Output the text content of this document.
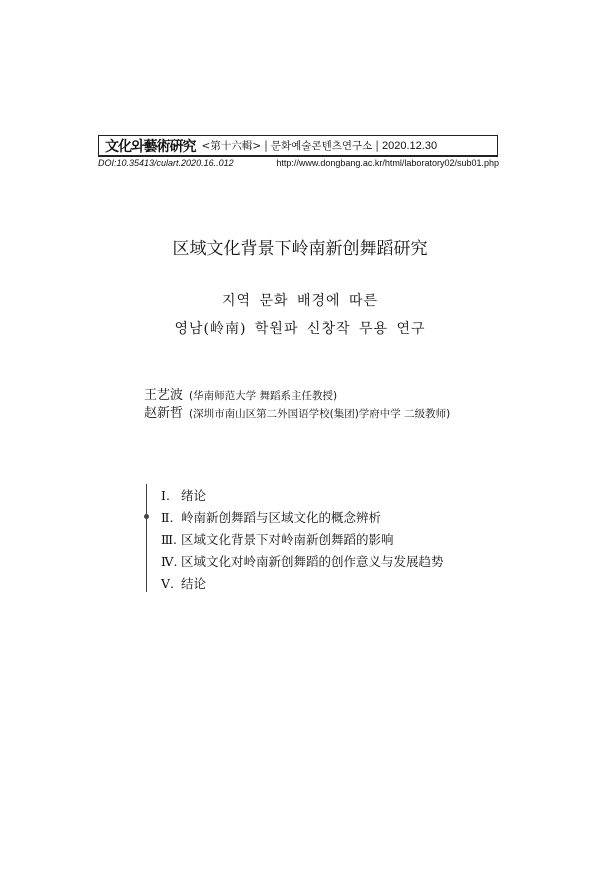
文化와藝術硏究 <第十六輯> | 문화예술콘텐츠연구소 | 2020.12.30
DOI:10.35413/culart.2020.16..012	http://www.dongbang.ac.kr/html/laboratory02/sub01.php
区域文化背景下岭南新创舞蹈研究
지역 문화 배경에 따른
영남(岭南) 학원파 신창작 무용 연구
王艺波 (华南师范大学 舞蹈系主任教授)
赵新哲 (深圳市南山区第二外国语学校(集团)学府中学 二级教师)
Ⅰ. 绪论
Ⅱ. 岭南新创舞蹈与区域文化的概念辨析
Ⅲ. 区域文化背景下对岭南新创舞蹈的影响
Ⅳ. 区域文化对岭南新创舞蹈的创作意义与发展趋势
Ⅴ. 结论
